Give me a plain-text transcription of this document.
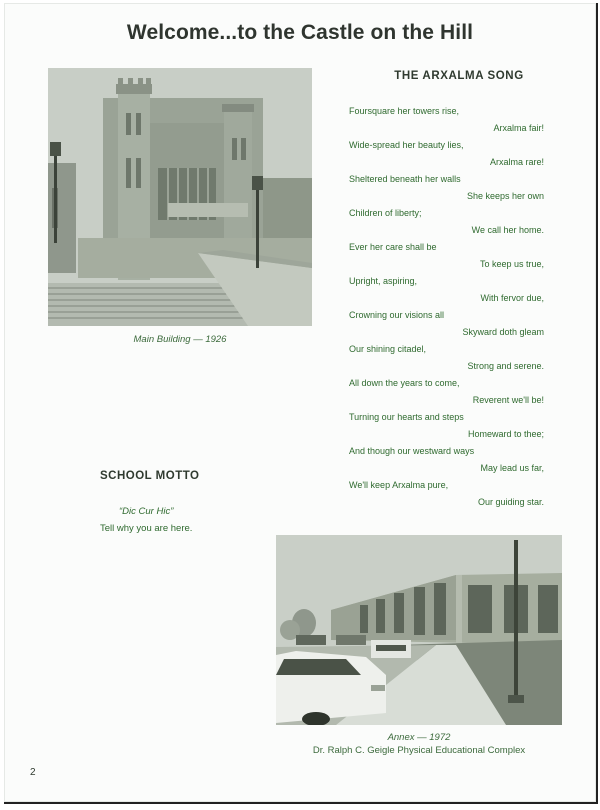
Welcome...to the Castle on the Hill
Main Building — 1926
THE ARXALMA SONG
Foursquare her towers rise,
Arxalma fair!
Wide-spread her beauty lies,
Arxalma rare!
Sheltered beneath her walls
She keeps her own
Children of liberty;
We call her home.
Ever her care shall be
To keep us true,
Upright, aspiring,
With fervor due,
Crowning our visions all
Skyward doth gleam
Our shining citadel,
Strong and serene.
All down the years to come,
Reverent we'll be!
Turning our hearts and steps
Homeward to thee;
And though our westward ways
May lead us far,
We'll keep Arxalma pure,
Our guiding star.
SCHOOL MOTTO
“Dic Cur Hic”
Tell why you are here.
Annex — 1972
Dr. Ralph C. Geigle Physical Educational Complex
2
